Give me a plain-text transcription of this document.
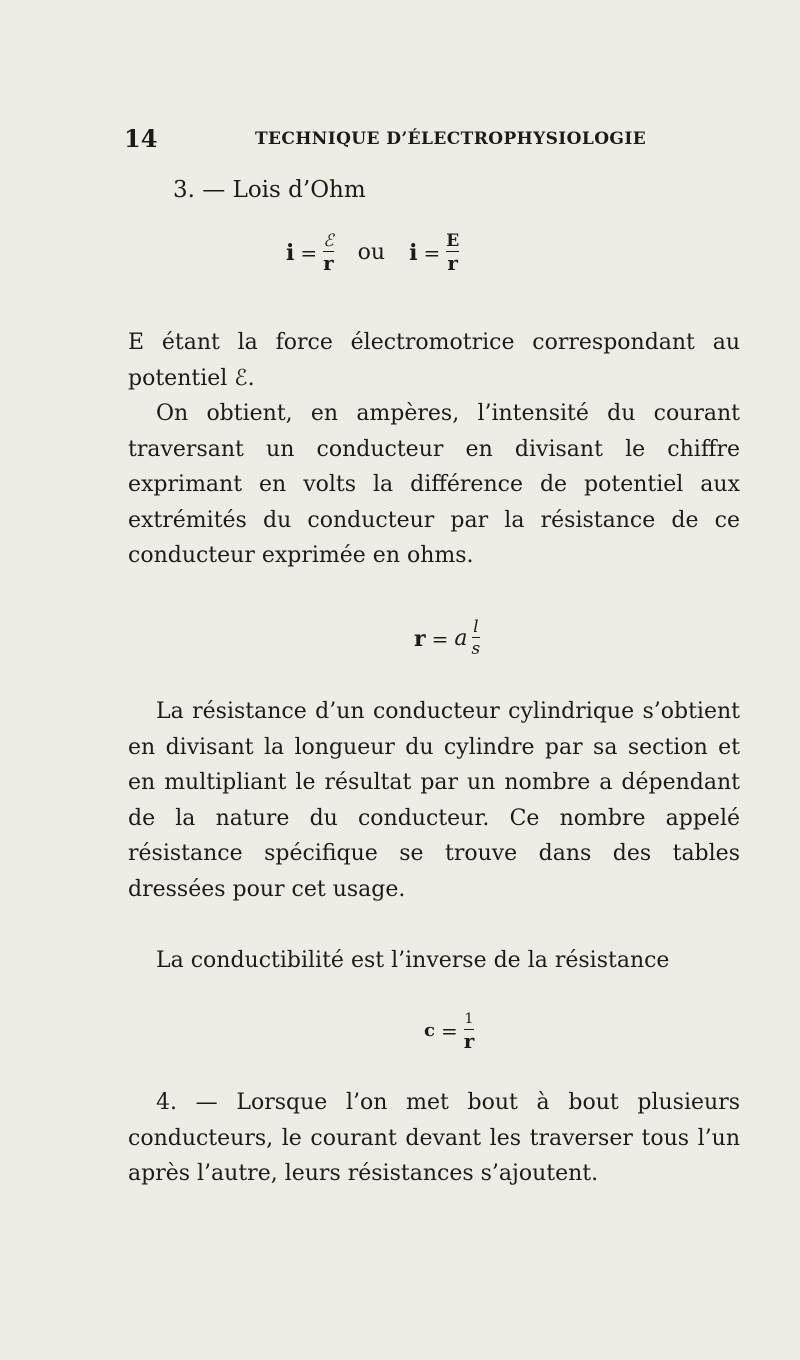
14	TECHNIQUE D’ÉLECTROPHYSIOLOGIE
3. — Lois d’Ohm
$i = \frac{\text{ℰ}}{r}$ ou $i = \frac{E}{r}$

E étant la force électromotrice correspondant au potentiel ℰ.

On obtient, en ampères, l’intensité du courant traversant un conducteur en divisant le chiffre exprimant en volts la différence de potentiel aux extrémités du conducteur par la résistance de ce conducteur exprimée en ohms.

r = a $\frac{l}{s}$

La résistance d’un conducteur cylindrique s’obtient en divisant la longueur du cylindre par sa section et en multipliant le résultat par un nombre a dépendant de la nature du conducteur. Ce nombre appelé résistance spécifique se trouve dans des tables dressées pour cet usage.

La conductibilité est l’inverse de la résistance

$c = \frac{1}{r}$

4. — Lorsque l’on met bout à bout plusieurs conducteurs, le courant devant les traverser tous l’un après l’autre, leurs résistances s’ajoutent.
